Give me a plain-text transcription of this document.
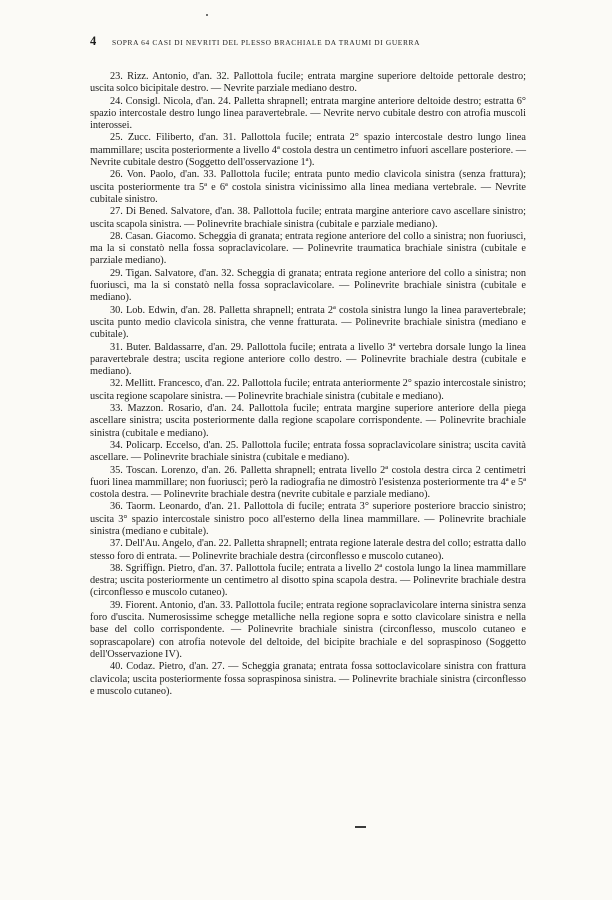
4 SOPRA 64 CASI DI NEVRITI DEL PLESSO BRACHIALE DA TRAUMI DI GUERRA

23. Rizz. Antonio, d'an. 32. Pallottola fucile; entrata margine superiore deltoide pettorale destro; uscita solco bicipitale destro. — Nevrite parziale mediano destro.

24. Consigl. Nicola, d'an. 24. Palletta shrapnell; entrata margine anteriore deltoide destro; estratta 6° spazio intercostale destro lungo linea paravertebrale. — Nevrite nervo cubitale destro con atrofia muscoli interossei.

25. Zucc. Filiberto, d'an. 31. Pallottola fucile; entrata 2° spazio intercostale destro lungo linea mammillare; uscita posteriormente a livello 4ª costola destra un centimetro infuori ascellare posteriore. — Nevrite cubitale destro (Soggetto dell'osservazione 1ª).

26. Von. Paolo, d'an. 33. Pallottola fucile; entrata punto medio clavicola sinistra (senza frattura); uscita posteriormente tra 5ª e 6ª costola sinistra vicinissimo alla linea mediana vertebrale. — Nevrite cubitale sinistro.

27. Di Bened. Salvatore, d'an. 38. Pallottola fucile; entrata margine anteriore cavo ascellare sinistro; uscita scapola sinistra. — Polinevrite brachiale sinistra (cubitale e parziale mediano).

28. Casan. Giacomo. Scheggia di granata; entrata regione anteriore del collo a sinistra; non fuoriuscì, ma la si constatò nella fossa sopraclavicolare. — Polinevrite traumatica brachiale sinistra (cubitale e parziale mediano).

29. Tigan. Salvatore, d'an. 32. Scheggia di granata; entrata regione anteriore del collo a sinistra; non fuoriuscì, ma la si constatò nella fossa sopraclavicolare. — Polinevrite brachiale sinistra (cubitale e mediano).

30. Lob. Edwin, d'an. 28. Palletta shrapnell; entrata 2ª costola sinistra lungo la linea paravertebrale; uscita punto medio clavicola sinistra, che venne fratturata. — Polinevrite brachiale sinistra (mediano e cubitale).

31. Buter. Baldassarre, d'an. 29. Pallottola fucile; entrata a livello 3ª vertebra dorsale lungo la linea paravertebrale destra; uscita regione anteriore collo destro. — Polinevrite brachiale destra (cubitale e mediano).

32. Mellitt. Francesco, d'an. 22. Pallottola fucile; entrata anteriormente 2° spazio intercostale sinistro; uscita regione scapolare sinistra. — Polinevrite brachiale sinistra (cubitale e mediano).

33. Mazzon. Rosario, d'an. 24. Pallottola fucile; entrata margine superiore anteriore della piega ascellare sinistra; uscita posteriormente dalla regione scapolare corrispondente. — Polinevrite brachiale sinistra (cubitale e mediano).

34. Policarp. Eccelso, d'an. 25. Pallottola fucile; entrata fossa sopraclavicolare sinistra; uscita cavità ascellare. — Polinevrite brachiale sinistra (cubitale e mediano).

35. Toscan. Lorenzo, d'an. 26. Palletta shrapnell; entrata livello 2ª costola destra circa 2 centimetri fuori linea mammillare; non fuoriuscì; però la radiografia ne dimostrò l'esistenza posteriormente tra 4ª e 5ª costola destra. — Polinevrite brachiale destra (nevrite cubitale e parziale mediano).

36. Taorm. Leonardo, d'an. 21. Pallottola di fucile; entrata 3° superiore posteriore braccio sinistro; uscita 3° spazio intercostale sinistro poco all'esterno della linea mammillare. — Polinevrite brachiale sinistra (mediano e cubitale).

37. Dell'Au. Angelo, d'an. 22. Palletta shrapnell; entrata regione laterale destra del collo; estratta dallo stesso foro di entrata. — Polinevrite brachiale destra (circonflesso e muscolo cutaneo).

38. Sgriffign. Pietro, d'an. 37. Pallottola fucile; entrata a livello 2ª costola lungo la linea mammillare destra; uscita posteriormente un centimetro al disotto spina scapola destra. — Polinevrite brachiale destra (circonflesso e muscolo cutaneo).

39. Fiorent. Antonio, d'an. 33. Pallottola fucile; entrata regione sopraclavicolare interna sinistra senza foro d'uscita. Numerosissime schegge metalliche nella regione sopra e sotto clavicolare sinistra e nella base del collo corrispondente. — Polinevrite brachiale sinistra (circonflesso, muscolo cutaneo e soprascapolare) con atrofia notevole del deltoide, del bicipite brachiale e del sopraspinoso (Soggetto dell'Osservazione IV).

40. Codaz. Pietro, d'an. 27. — Scheggia granata; entrata fossa sottoclavicolare sinistra con frattura clavicola; uscita posteriormente fossa sopraspinosa sinistra. — Polinevrite brachiale sinistra (circonflesso e muscolo cutaneo).
